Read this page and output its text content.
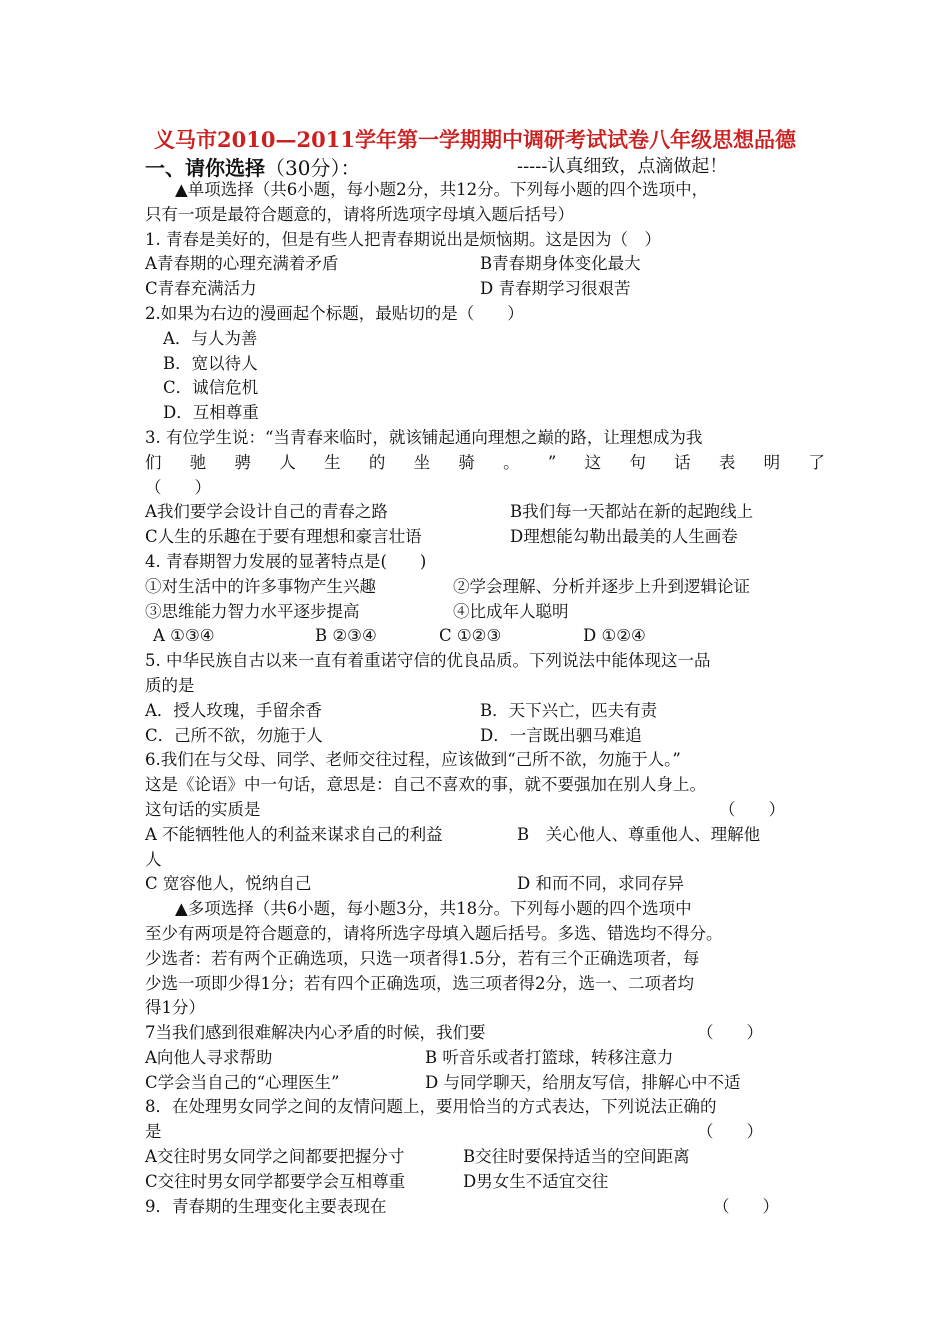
义马市2010—2011学年第一学期期中调研考试试卷八年级思想品德
一、请你选择（30分）：	-----认真细致，点滴做起！
▲单项选择（共6小题，每小题2分，共12分。下列每小题的四个选项中，
只有一项是最符合题意的，请将所选项字母填入题后括号）
1. 青春是美好的，但是有些人把青春期说出是烦恼期。这是因为（　）
A青春期的心理充满着矛盾	B青春期身体变化最大
C青春充满活力	D 青春期学习很艰苦
2.如果为右边的漫画起个标题，最贴切的是（　　）
A．与人为善
B．宽以待人
C．诚信危机
D．互相尊重
3. 有位学生说：“当青春来临时，就该铺起通向理想之巅的路，让理想成为我
们 驰 骋 人 生 的 坐 骑 。 ” 这 句 话 表 明 了
（　　）
A我们要学会设计自己的青春之路	B我们每一天都站在新的起跑线上
C人生的乐趣在于要有理想和豪言壮语	D理想能勾勒出最美的人生画卷
4. 青春期智力发展的显著特点是(　　)
①对生活中的许多事物产生兴趣	②学会理解、分析并逐步上升到逻辑论证
③思维能力智力水平逐步提高	④比成年人聪明
A ①③④	B ②③④	C ①②③	D ①②④
5. 中华民族自古以来一直有着重诺守信的优良品质。下列说法中能体现这一品
质的是
A．授人玫瑰，手留余香	B．天下兴亡，匹夫有责
C．己所不欲，勿施于人	D．一言既出驷马难追
6.我们在与父母、同学、老师交往过程，应该做到“己所不欲，勿施于人。”
这是《论语》中一句话，意思是：自己不喜欢的事，就不要强加在别人身上。
这句话的实质是	（　　）
A 不能牺牲他人的利益来谋求自己的利益	B　关心他人、尊重他人、理解他
人
C 宽容他人，悦纳自己	D 和而不同，求同存异
▲多项选择（共6小题，每小题3分，共18分。下列每小题的四个选项中
至少有两项是符合题意的，请将所选字母填入题后括号。多选、错选均不得分。
少选者：若有两个正确选项，只选一项者得1.5分，若有三个正确选项者，每
少选一项即少得1分；若有四个正确选项，选三项者得2分，选一、二项者均
得1分）
7当我们感到很难解决内心矛盾的时候，我们要	（　　）
A向他人寻求帮助	B 听音乐或者打篮球，转移注意力
C学会当自己的“心理医生”	D 与同学聊天，给朋友写信，排解心中不适
8．在处理男女同学之间的友情问题上，要用恰当的方式表达，下列说法正确的
是	（　　）
A交往时男女同学之间都要把握分寸	B交往时要保持适当的空间距离
C交往时男女同学都要学会互相尊重	D男女生不适宜交往
9．青春期的生理变化主要表现在	（　　）
